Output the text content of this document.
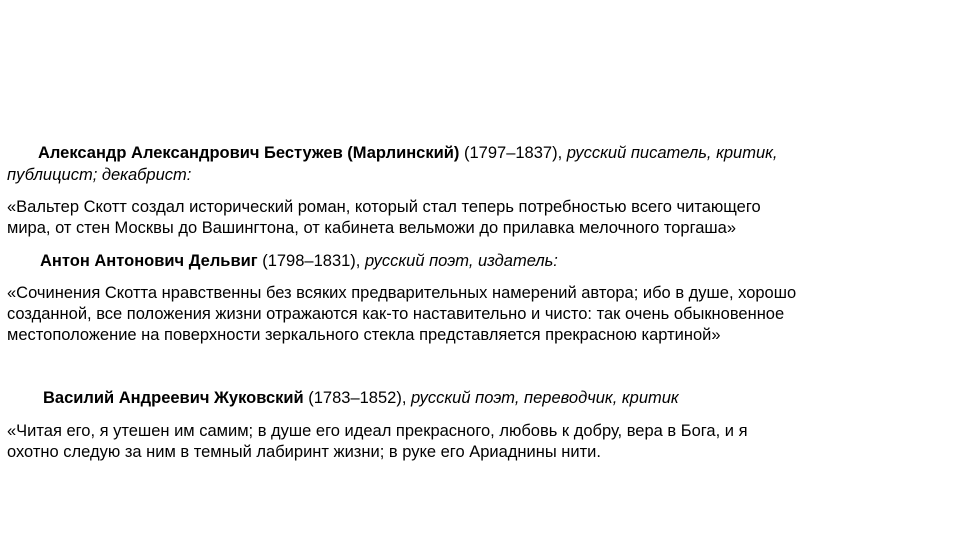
Александр Александрович Бестужев (Марлинский) (1797–1837), русский писатель, критик,
публицист; декабрист:
«Вальтер Скотт создал исторический роман, который стал теперь потребностью всего читающего
мира, от стен Москвы до Вашингтона, от кабинета вельможи до прилавка мелочного торгаша»
Антон Антонович Дельвиг (1798–1831), русский поэт, издатель:
«Сочинения Скотта нравственны без всяких предварительных намерений автора; ибо в душе, хорошо
созданной, все положения жизни отражаются как-то наставительно и чисто: так очень обыкновенное
местоположение на поверхности зеркального стекла представляется прекрасною картиной»
Василий Андреевич Жуковский (1783–1852), русский поэт, переводчик, критик
«Читая его, я утешен им самим; в душе его идеал прекрасного, любовь к добру, вера в Бога, и я
охотно следую за ним в темный лабиринт жизни; в руке его Ариаднины нити.
